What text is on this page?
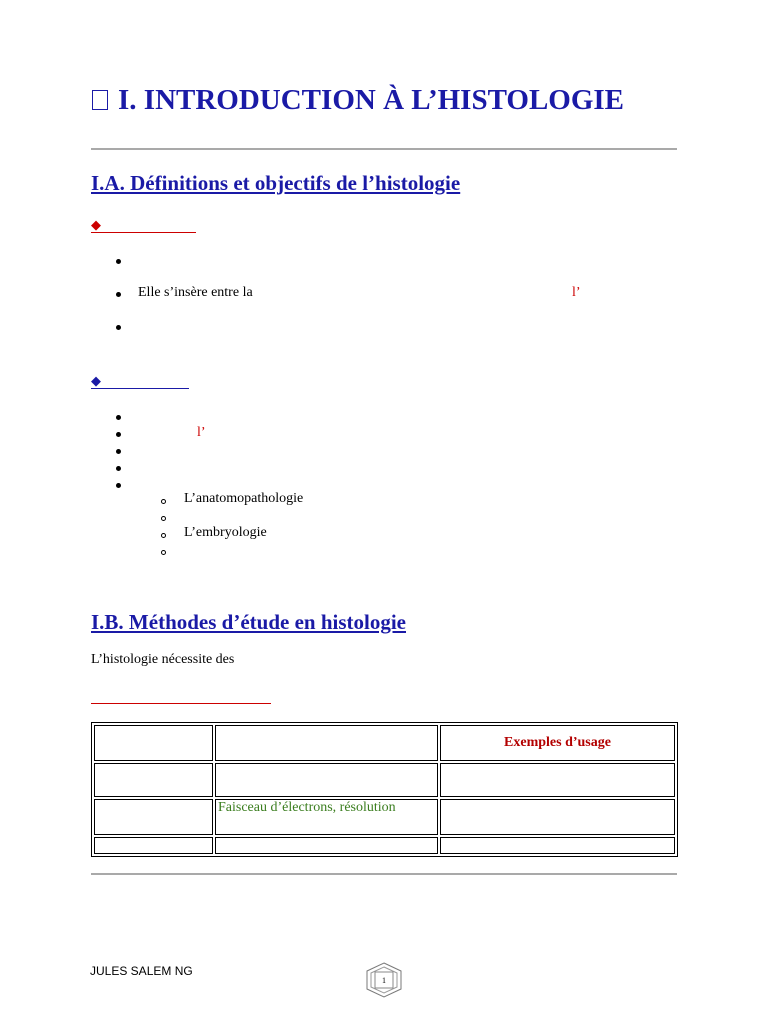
I. INTRODUCTION À L’HISTOLOGIE
I.A. Définitions et objectifs de l’histologie
◆
Elle s’insère entre la	l’
◆
l’
L’anatomopathologie
L’embryologie
I.B. Méthodes d’étude en histologie
L’histologie nécessite des
		Exemples d’usage

	Faisceau d’électrons, résolution	

JULES SALEM NG
1
